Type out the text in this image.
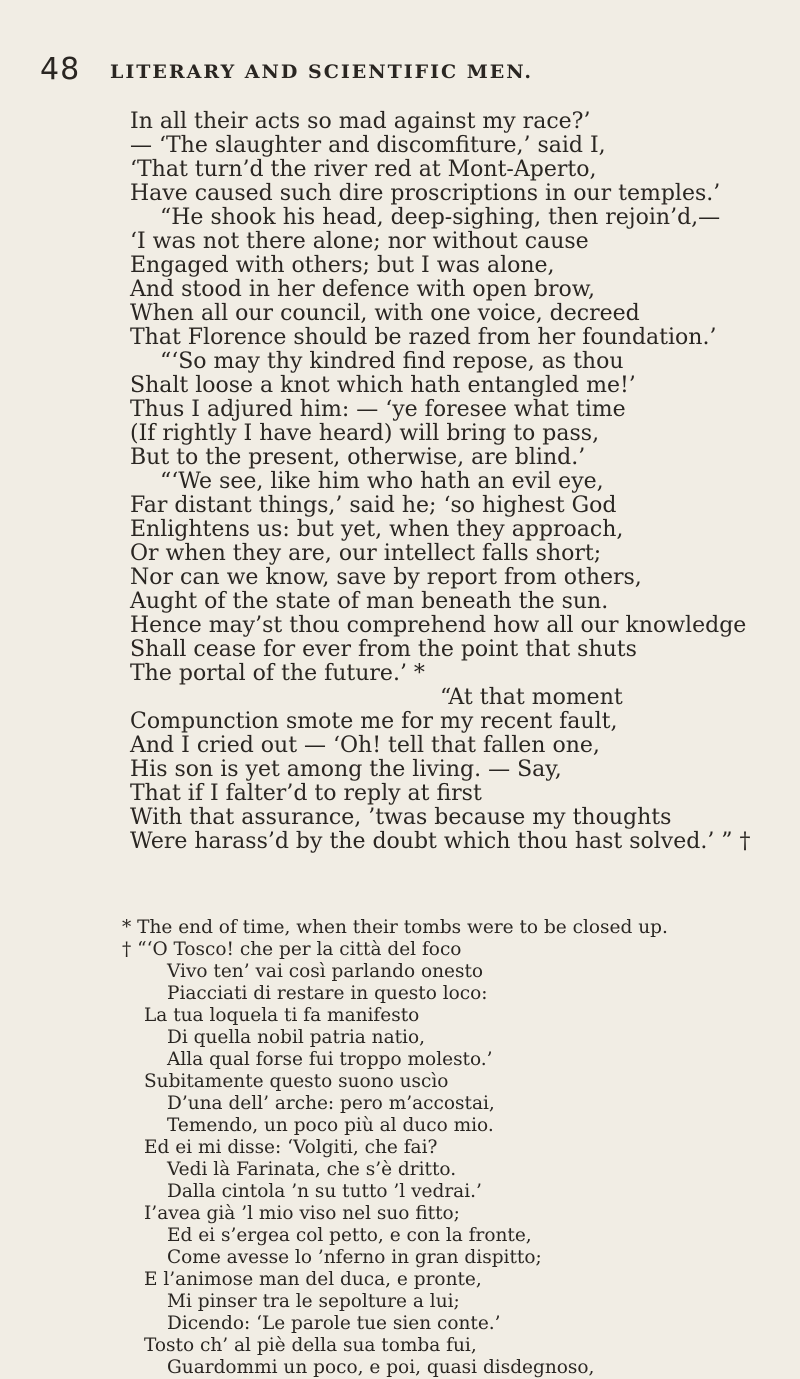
48 LITERARY AND SCIENTIFIC MEN.
In all their acts so mad against my race?’
— ‘The slaughter and discomfiture,’ said I,
‘That turn’d the river red at Mont-Aperto,
Have caused such dire proscriptions in our temples.’
“He shook his head, deep-sighing, then rejoin’d,—
‘I was not there alone; nor without cause
Engaged with others; but I was alone,
And stood in her defence with open brow,
When all our council, with one voice, decreed
That Florence should be razed from her foundation.’
“‘So may thy kindred find repose, as thou
Shalt loose a knot which hath entangled me!’
Thus I adjured him: — ‘ye foresee what time
(If rightly I have heard) will bring to pass,
But to the present, otherwise, are blind.’
“‘We see, like him who hath an evil eye,
Far distant things,’ said he; ‘so highest God
Enlightens us: but yet, when they approach,
Or when they are, our intellect falls short;
Nor can we know, save by report from others,
Aught of the state of man beneath the sun.
Hence may’st thou comprehend how all our knowledge
Shall cease for ever from the point that shuts
The portal of the future.’ *
“At that moment
Compunction smote me for my recent fault,
And I cried out — ‘Oh! tell that fallen one,
His son is yet among the living. — Say,
That if I falter’d to reply at first
With that assurance, ’twas because my thoughts
Were harass’d by the doubt which thou hast solved.’ ” †
* The end of time, when their tombs were to be closed up.
† “‘O Tosco! che per la città del foco
Vivo ten’ vai così parlando onesto
Piacciati di restare in questo loco:
La tua loquela ti fa manifesto
Di quella nobil patria natio,
Alla qual forse fui troppo molesto.’
Subitamente questo suono uscìo
D’una dell’ arche: pero m’accostai,
Temendo, un poco più al duco mio.
Ed ei mi disse: ‘Volgiti, che fai?
Vedi là Farinata, che s’è dritto.
Dalla cintola ’n su tutto ’l vedrai.’
I’avea già ’l mio viso nel suo fitto;
Ed ei s’ergea col petto, e con la fronte,
Come avesse lo ’nferno in gran dispitto;
E l’animose man del duca, e pronte,
Mi pinser tra le sepolture a lui;
Dicendo: ‘Le parole tue sien conte.’
Tosto ch’ al piè della sua tomba fui,
Guardommi un poco, e poi, quasi disdegnoso,
